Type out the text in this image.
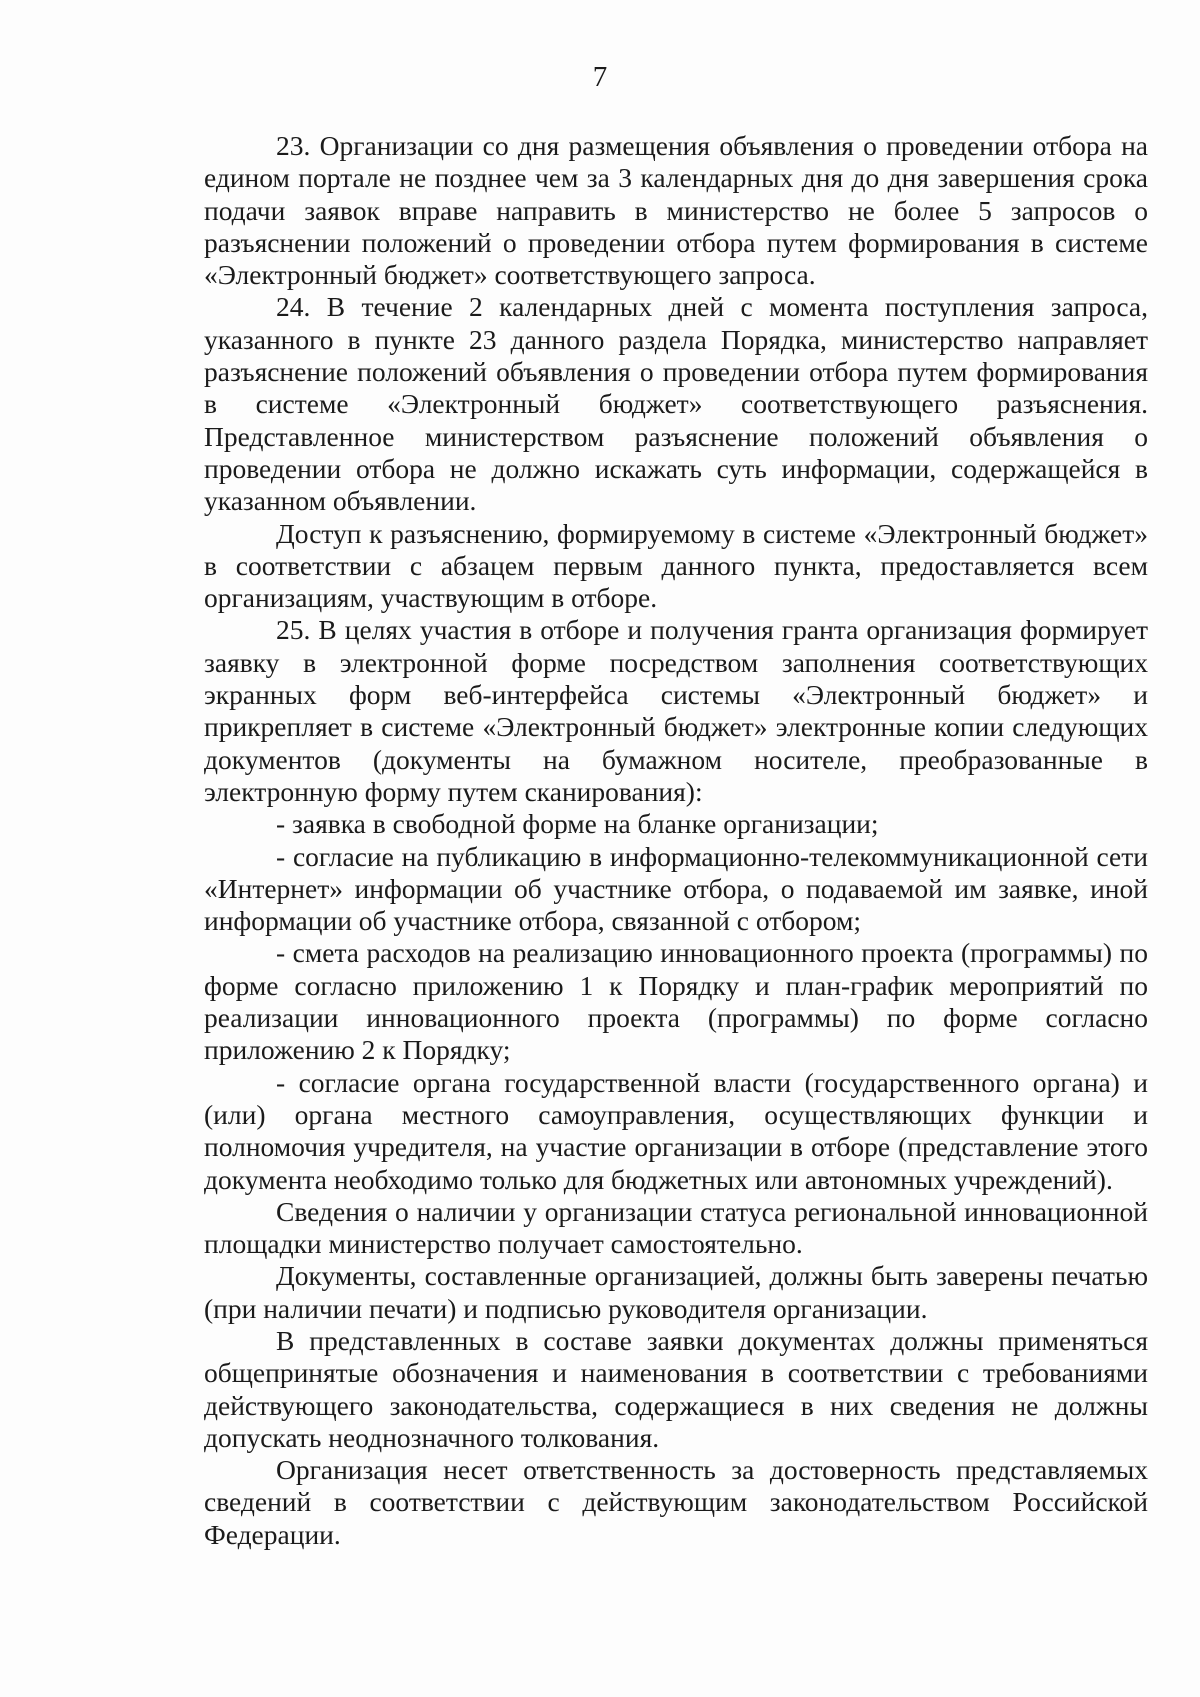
7

23. Организации со дня размещения объявления о проведении отбора на едином портале не позднее чем за 3 календарных дня до дня завершения срока подачи заявок вправе направить в министерство не более 5 запросов о разъяснении положений о проведении отбора путем формирования в системе «Электронный бюджет» соответствующего запроса.

24. В течение 2 календарных дней с момента поступления запроса, указанного в пункте 23 данного раздела Порядка, министерство направляет разъяснение положений объявления о проведении отбора путем формирования в системе «Электронный бюджет» соответствующего разъяснения. Представленное министерством разъяснение положений объявления о проведении отбора не должно искажать суть информации, содержащейся в указанном объявлении.

Доступ к разъяснению, формируемому в системе «Электронный бюджет» в соответствии с абзацем первым данного пункта, предоставляется всем организациям, участвующим в отборе.

25. В целях участия в отборе и получения гранта организация формирует заявку в электронной форме посредством заполнения соответствующих экранных форм веб-интерфейса системы «Электронный бюджет» и прикрепляет в системе «Электронный бюджет» электронные копии следующих документов (документы на бумажном носителе, преобразованные в электронную форму путем сканирования):

- заявка в свободной форме на бланке организации;

- согласие на публикацию в информационно-телекоммуникационной сети «Интернет» информации об участнике отбора, о подаваемой им заявке, иной информации об участнике отбора, связанной с отбором;

- смета расходов на реализацию инновационного проекта (программы) по форме согласно приложению 1 к Порядку и план-график мероприятий по реализации инновационного проекта (программы) по форме согласно приложению 2 к Порядку;

- согласие органа государственной власти (государственного органа) и (или) органа местного самоуправления, осуществляющих функции и полномочия учредителя, на участие организации в отборе (представление этого документа необходимо только для бюджетных или автономных учреждений).

Сведения о наличии у организации статуса региональной инновационной площадки министерство получает самостоятельно.

Документы, составленные организацией, должны быть заверены печатью (при наличии печати) и подписью руководителя организации.

В представленных в составе заявки документах должны применяться общепринятые обозначения и наименования в соответствии с требованиями действующего законодательства, содержащиеся в них сведения не должны допускать неоднозначного толкования.

Организация несет ответственность за достоверность представляемых сведений в соответствии с действующим законодательством Российской Федерации.
